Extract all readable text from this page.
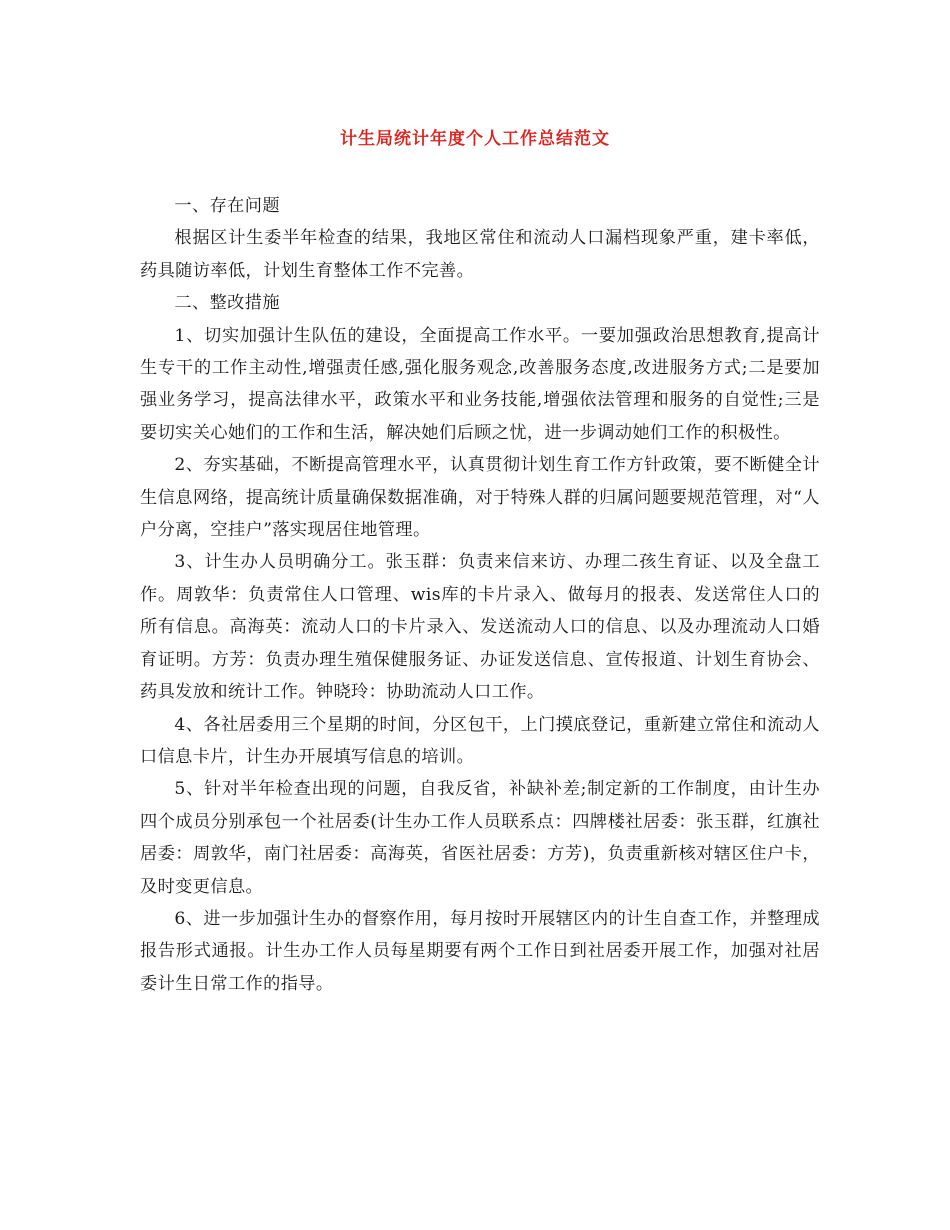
计生局统计年度个人工作总结范文

一、存在问题

根据区计生委半年检查的结果，我地区常住和流动人口漏档现象严重，建卡率低，药具随访率低，计划生育整体工作不完善。

二、整改措施

1、切实加强计生队伍的建设，全面提高工作水平。一要加强政治思想教育,提高计生专干的工作主动性,增强责任感,强化服务观念,改善服务态度,改进服务方式;二是要加强业务学习，提高法律水平，政策水平和业务技能,增强依法管理和服务的自觉性;三是要切实关心她们的工作和生活，解决她们后顾之忧，进一步调动她们工作的积极性。

2、夯实基础，不断提高管理水平，认真贯彻计划生育工作方针政策，要不断健全计生信息网络，提高统计质量确保数据准确，对于特殊人群的归属问题要规范管理，对“人户分离，空挂户”落实现居住地管理。

3、计生办人员明确分工。张玉群：负责来信来访、办理二孩生育证、以及全盘工作。周敦华：负责常住人口管理、wis库的卡片录入、做每月的报表、发送常住人口的所有信息。高海英：流动人口的卡片录入、发送流动人口的信息、以及办理流动人口婚育证明。方芳：负责办理生殖保健服务证、办证发送信息、宣传报道、计划生育协会、药具发放和统计工作。钟晓玲：协助流动人口工作。

4、各社居委用三个星期的时间，分区包干，上门摸底登记，重新建立常住和流动人口信息卡片，计生办开展填写信息的培训。

5、针对半年检查出现的问题，自我反省，补缺补差;制定新的工作制度，由计生办四个成员分别承包一个社居委(计生办工作人员联系点：四牌楼社居委：张玉群，红旗社居委：周敦华，南门社居委：高海英，省医社居委：方芳)，负责重新核对辖区住户卡，及时变更信息。

6、进一步加强计生办的督察作用，每月按时开展辖区内的计生自查工作，并整理成报告形式通报。计生办工作人员每星期要有两个工作日到社居委开展工作，加强对社居委计生日常工作的指导。
